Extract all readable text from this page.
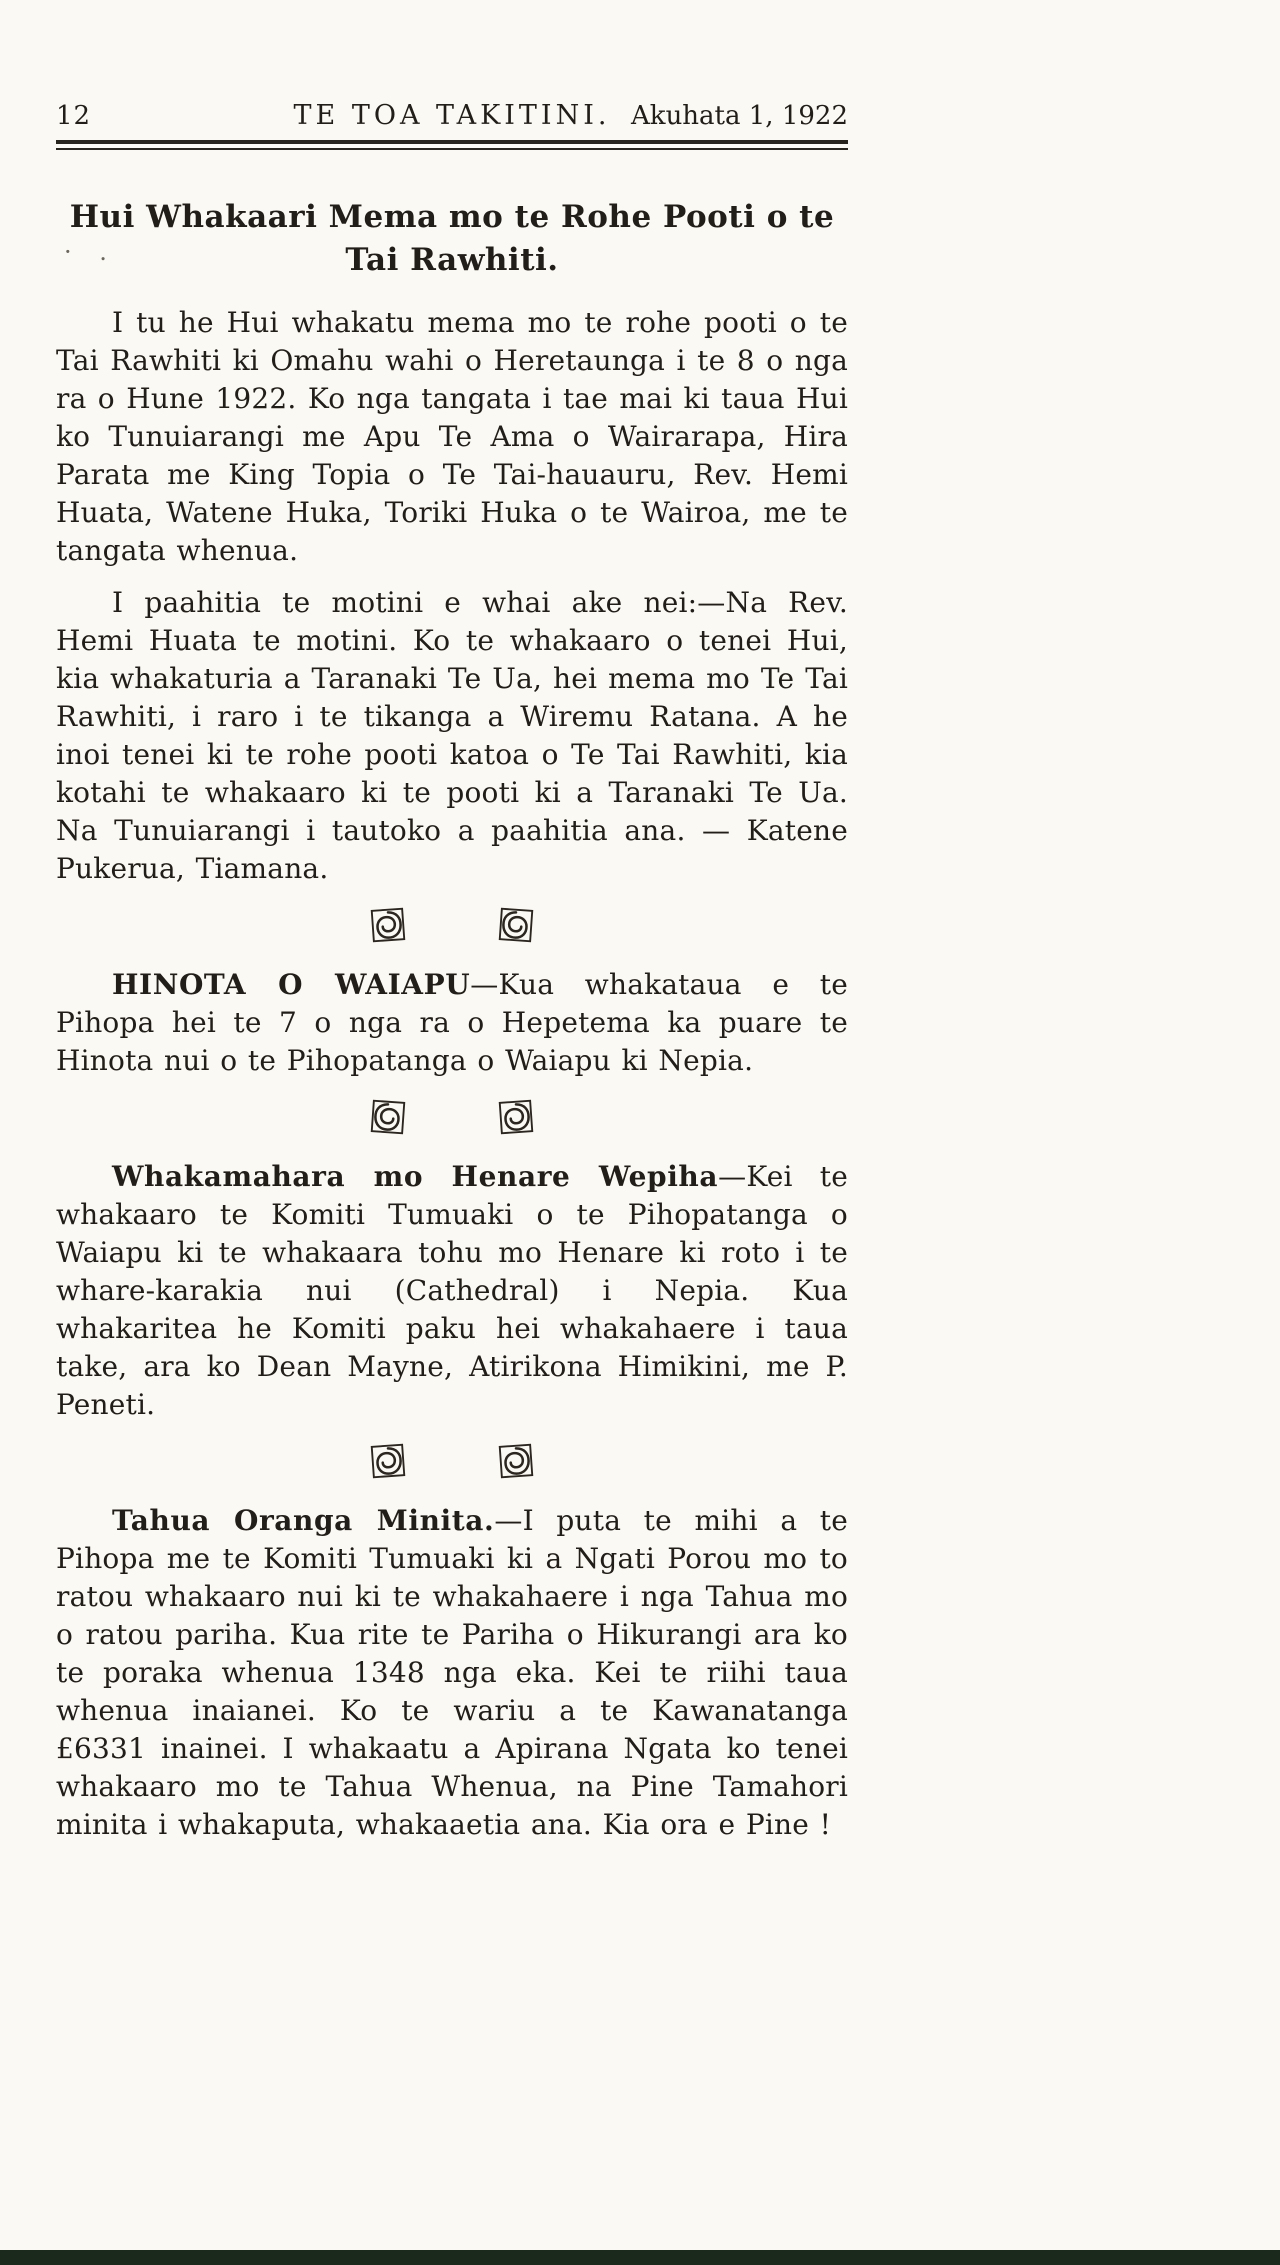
12	TE TOA TAKITINI. Akuhata 1, 1922
Hui Whakaari Mema mo te Rohe Pooti o te
Tai Rawhiti.

I tu he Hui whakatu mema mo te rohe pooti o te Tai Rawhiti ki Omahu wahi o Heretaunga i te 8 o nga ra o Hune 1922. Ko nga tangata i tae mai ki taua Hui ko Tunuiarangi me Apu Te Ama o Wairarapa, Hira Parata me King Topia o Te Tai-hauauru, Rev. Hemi Huata, Watene Huka, Toriki Huka o te Wairoa, me te tangata whenua.

I paahitia te motini e whai ake nei:—Na Rev. Hemi Huata te motini. Ko te whakaaro o tenei Hui, kia whakaturia a Taranaki Te Ua, hei mema mo Te Tai Rawhiti, i raro i te tikanga a Wiremu Ratana. A he inoi tenei ki te rohe pooti katoa o Te Tai Rawhiti, kia kotahi te whakaaro ki te pooti ki a Taranaki Te Ua. Na Tunuiarangi i tautoko a paahitia ana. — Katene Pukerua, Tiamana.

HINOTA O WAIAPU—Kua whakataua e te Pihopa hei te 7 o nga ra o Hepetema ka puare te Hinota nui o te Pihopatanga o Waiapu ki Nepia.

Whakamahara mo Henare Wepiha—Kei te whakaaro te Komiti Tumuaki o te Pihopatanga o Waiapu ki te whakaara tohu mo Henare ki roto i te whare-karakia nui (Cathedral) i Nepia. Kua whakaritea he Komiti paku hei whakahaere i taua take, ara ko Dean Mayne, Atirikona Himikini, me P. Peneti.

Tahua Oranga Minita.—I puta te mihi a te Pihopa me te Komiti Tumuaki ki a Ngati Porou mo to ratou whakaaro nui ki te whakahaere i nga Tahua mo o ratou pariha. Kua rite te Pariha o Hikurangi ara ko te poraka whenua 1348 nga eka. Kei te riihi taua whenua inaianei. Ko te wariu a te Kawanatanga £6331 inainei. I whakaatu a Apirana Ngata ko tenei whakaaro mo te Tahua Whenua, na Pine Tamahori minita i whakaputa, whakaaetia ana. Kia ora e Pine !

· .
